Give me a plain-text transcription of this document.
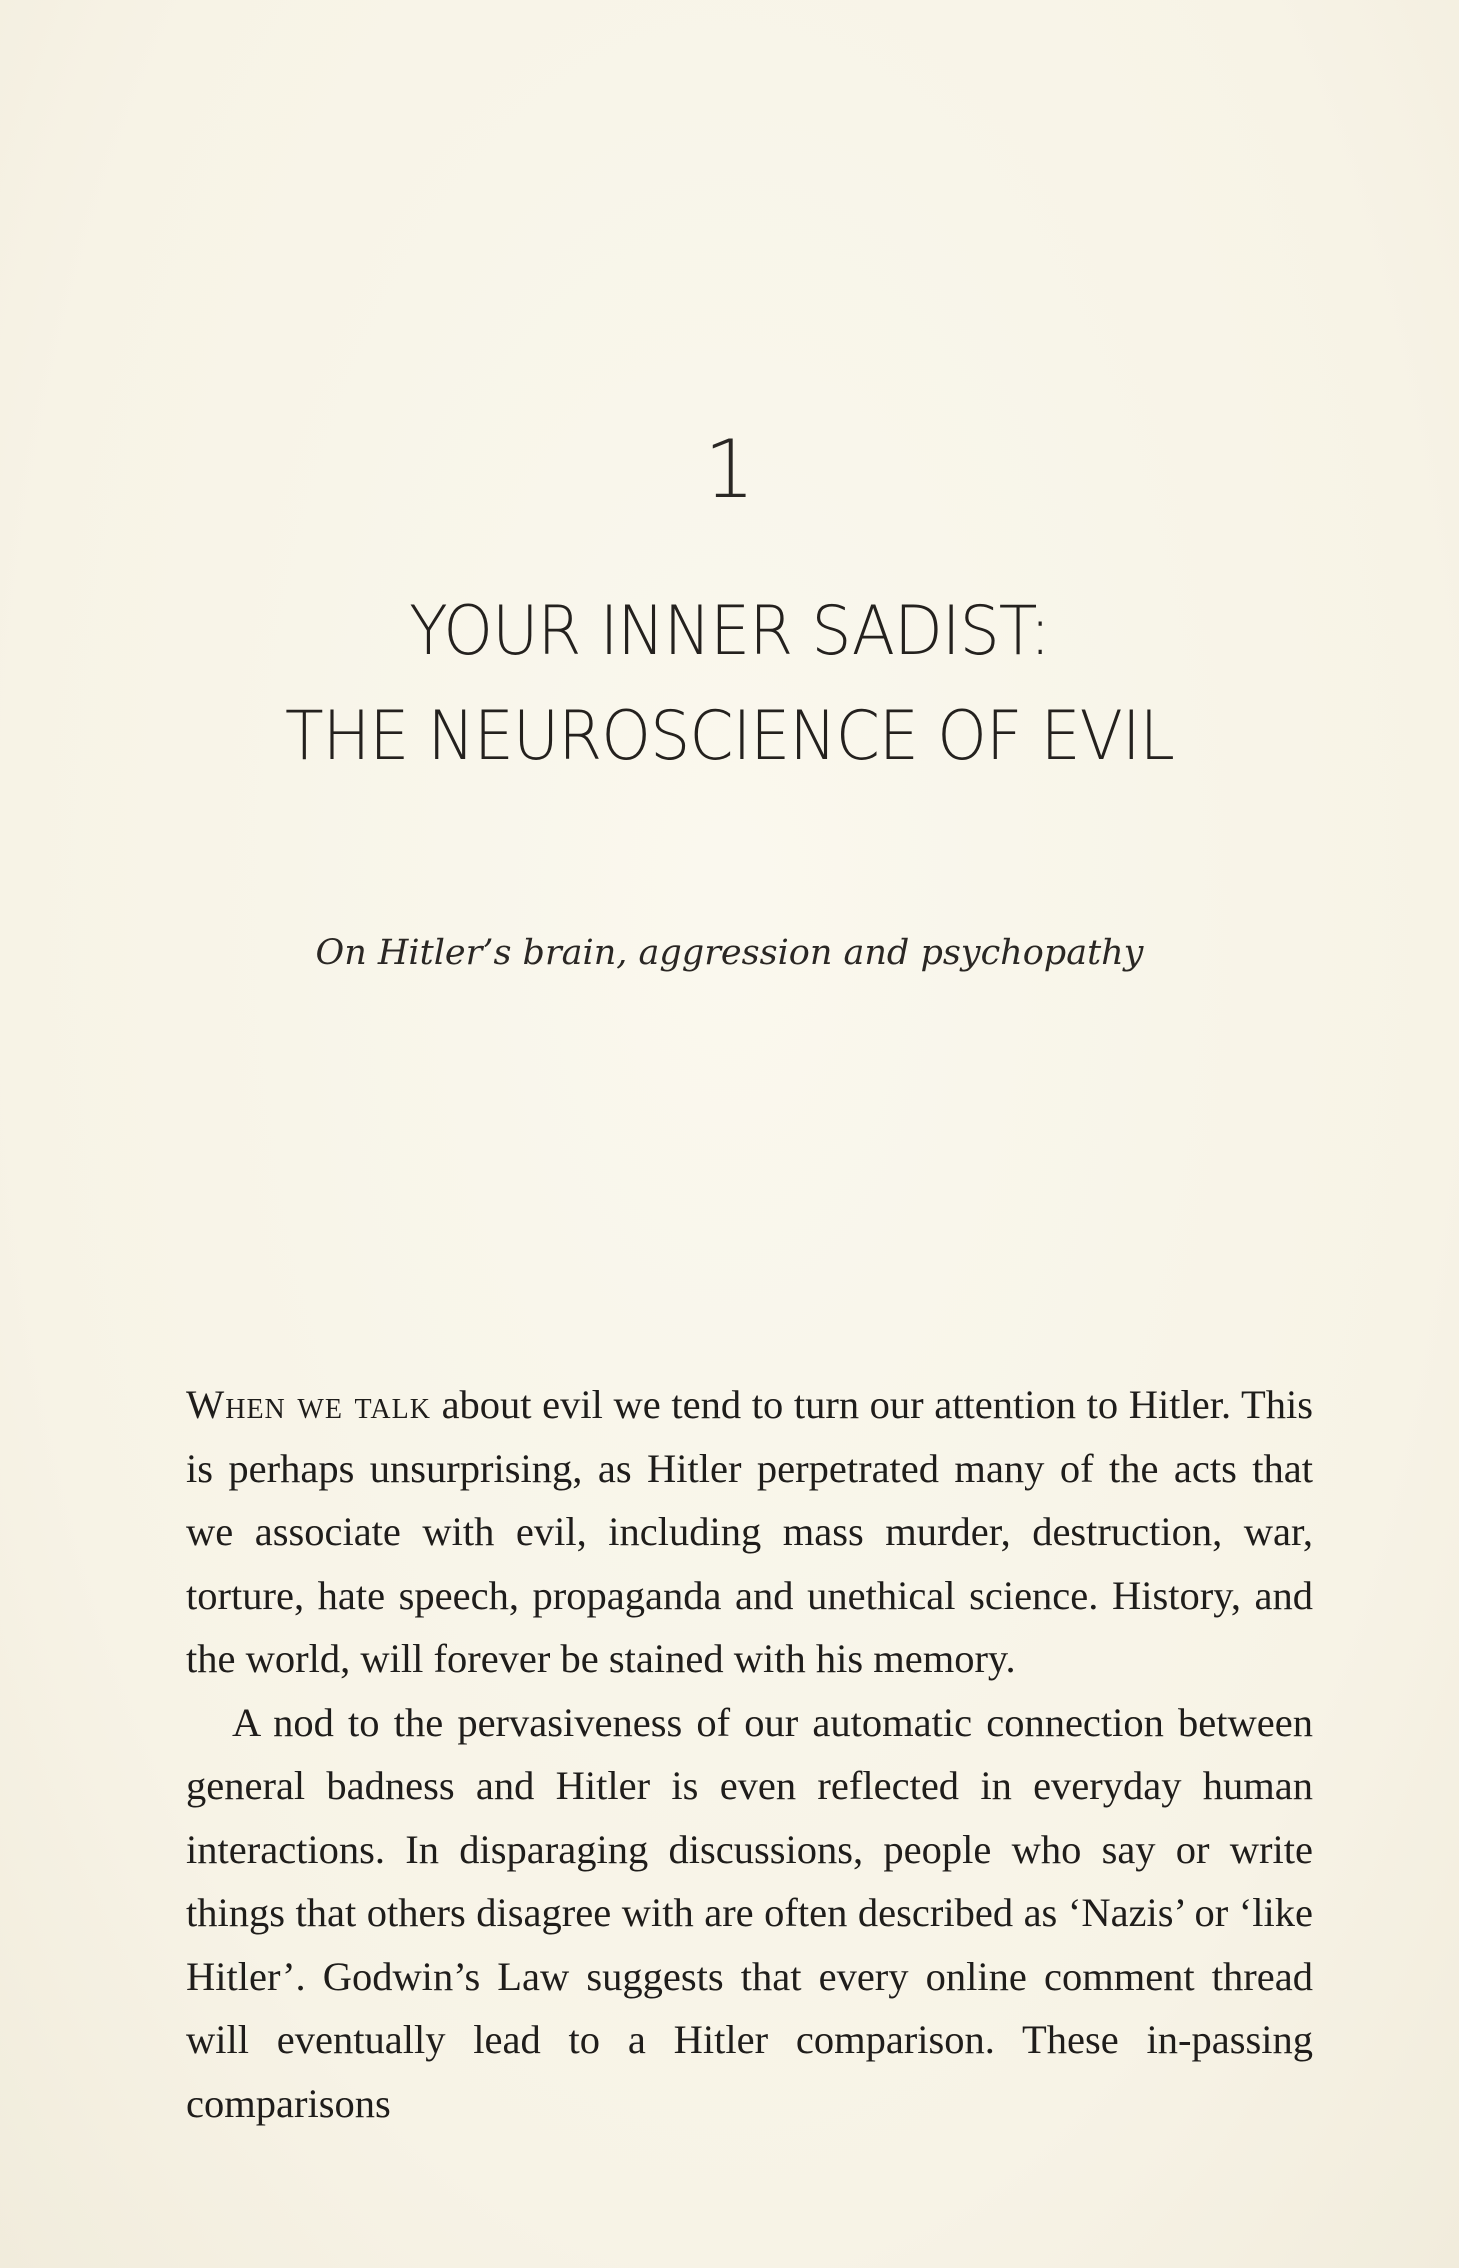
1
YOUR INNER SADIST:
THE NEUROSCIENCE OF EVIL
On Hitler’s brain, aggression and psychopathy

When we talk about evil we tend to turn our attention to Hitler. This is perhaps unsurprising, as Hitler perpetrated many of the acts that we associate with evil, including mass murder, destruction, war, torture, hate speech, propaganda and unethical science. History, and the world, will forever be stained with his memory.

A nod to the pervasiveness of our automatic connection between general badness and Hitler is even reflected in everyday human interactions. In disparaging discussions, people who say or write things that others disagree with are often described as ‘Nazis’ or ‘like Hitler’. Godwin’s Law suggests that every online comment thread will eventually lead to a Hitler comparison. These in-passing comparisons
